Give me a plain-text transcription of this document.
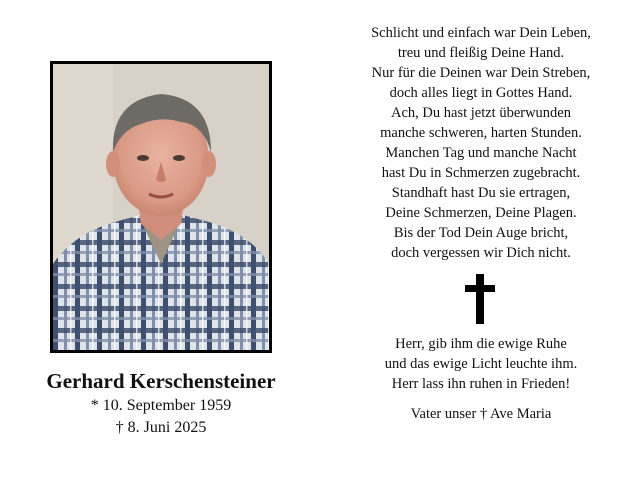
Gerhard Kerschensteiner
* 10. September 1959
† 8. Juni 2025
Schlicht und einfach war Dein Leben,
treu und fleißig Deine Hand.
Nur für die Deinen war Dein Streben,
doch alles liegt in Gottes Hand.
Ach, Du hast jetzt überwunden
manche schweren, harten Stunden.
Manchen Tag und manche Nacht
hast Du in Schmerzen zugebracht.
Standhaft hast Du sie ertragen,
Deine Schmerzen, Deine Plagen.
Bis der Tod Dein Auge bricht,
doch vergessen wir Dich nicht.
Herr, gib ihm die ewige Ruhe
und das ewige Licht leuchte ihm.
Herr lass ihn ruhen in Frieden!
Vater unser † Ave Maria
